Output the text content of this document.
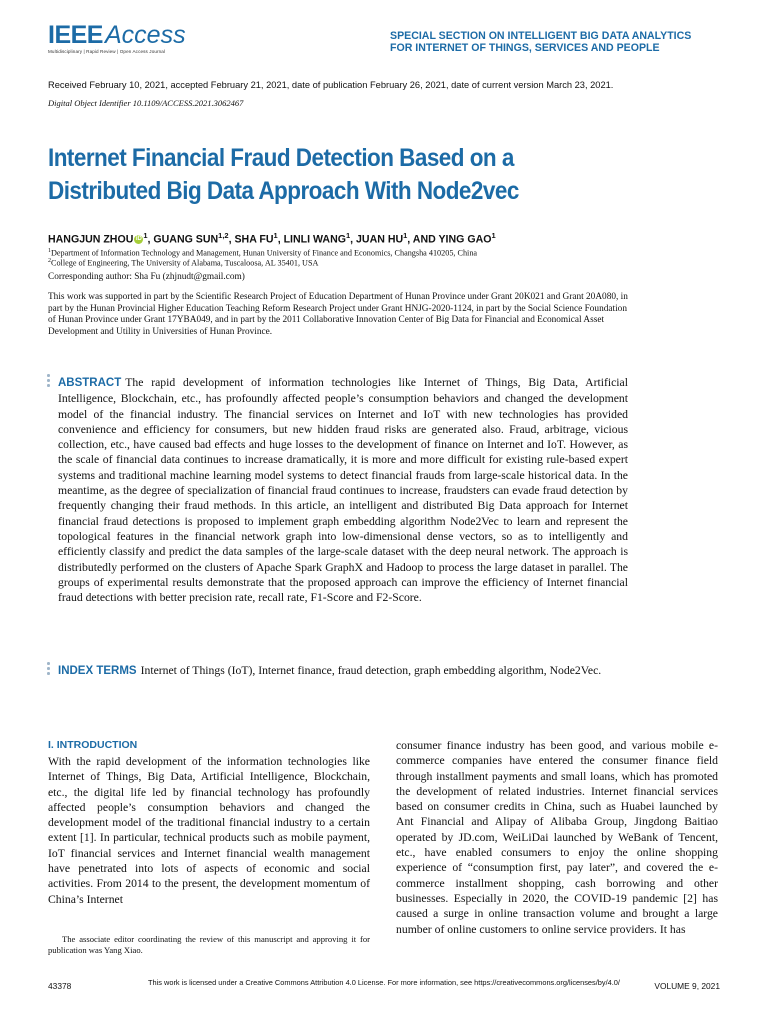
IEEEAccess
Multidisciplinary | Rapid Review | Open Access Journal
SPECIAL SECTION ON INTELLIGENT BIG DATA ANALYTICS
FOR INTERNET OF THINGS, SERVICES AND PEOPLE
Received February 10, 2021, accepted February 21, 2021, date of publication February 26, 2021, date of current version March 23, 2021.
Digital Object Identifier 10.1109/ACCESS.2021.3062467
Internet Financial Fraud Detection Based on a Distributed Big Data Approach With Node2vec
HANGJUN ZHOU iD $^1$, GUANG SUN$^{1,2}$, SHA $FU^1$, LINLI WANG$^1$, JUAN $HU^1$, AND YING GAO$^1$
$^1$Department of Information Technology and Management, Hunan University of Finance and Economics, Changsha 410205, China
$^2$College of Engineering, The University of Alabama, Tuscaloosa, AL 35401, USA
Corresponding author: Sha Fu (zhjnudt@gmail.com)
This work was supported in part by the Scientific Research Project of Education Department of Hunan Province under Grant 20K021 and Grant 20A080, in part by the Hunan Provincial Higher Education Teaching Reform Research Project under Grant HNJG-2020-1124, in part by the Social Science Foundation of Hunan Province under Grant 17YBA049, and in part by the 2011 Collaborative Innovation Center of Big Data for Financial and Economical Asset Development and Utility in Universities of Hunan Province.
ABSTRACT The rapid development of information technologies like Internet of Things, Big Data, Artificial Intelligence, Blockchain, etc., has profoundly affected people’s consumption behaviors and changed the development model of the financial industry. The financial services on Internet and IoT with new technologies has provided convenience and efficiency for consumers, but new hidden fraud risks are generated also. Fraud, arbitrage, vicious collection, etc., have caused bad effects and huge losses to the development of finance on Internet and IoT. However, as the scale of financial data continues to increase dramatically, it is more and more difficult for existing rule-based expert systems and traditional machine learning model systems to detect financial frauds from large-scale historical data. In the meantime, as the degree of specialization of financial fraud continues to increase, fraudsters can evade fraud detection by frequently changing their fraud methods. In this article, an intelligent and distributed Big Data approach for Internet financial fraud detections is proposed to implement graph embedding algorithm Node2Vec to learn and represent the topological features in the financial network graph into low-dimensional dense vectors, so as to intelligently and efficiently classify and predict the data samples of the large-scale dataset with the deep neural network. The approach is distributedly performed on the clusters of Apache Spark GraphX and Hadoop to process the large dataset in parallel. The groups of experimental results demonstrate that the proposed approach can improve the efficiency of Internet financial fraud detections with better precision rate, recall rate, F1-Score and F2-Score.
INDEX TERMS Internet of Things (IoT), Internet finance, fraud detection, graph embedding algorithm, Node2Vec.
I. INTRODUCTION
With the rapid development of the information technologies like Internet of Things, Big Data, Artificial Intelligence, Blockchain, etc., the digital life led by financial technology has profoundly affected people’s consumption behaviors and changed the development model of the traditional financial industry to a certain extent [1]. In particular, technical products such as mobile payment, IoT financial services and Internet financial wealth management have penetrated into lots of aspects of economic and social activities. From 2014 to the present, the development momentum of China’s Internet
consumer finance industry has been good, and various mobile e-commerce companies have entered the consumer finance field through installment payments and small loans, which has promoted the development of related industries. Internet financial services based on consumer credits in China, such as Huabei launched by Ant Financial and Alipay of Alibaba Group, Jingdong Baitiao operated by JD.com, WeiLiDai launched by WeBank of Tencent, etc., have enabled consumers to enjoy the online shopping experience of “consumption first, pay later”, and covered the e-commerce installment shopping, cash borrowing and other businesses. Especially in 2020, the COVID-19 pandemic [2] has caused a surge in online transaction volume and brought a large number of online customers to online service providers. It has
The associate editor coordinating the review of this manuscript and approving it for publication was Yang Xiao.
43378	This work is licensed under a Creative Commons Attribution 4.0 License. For more information, see https://creativecommons.org/licenses/by/4.0/	VOLUME 9, 2021
